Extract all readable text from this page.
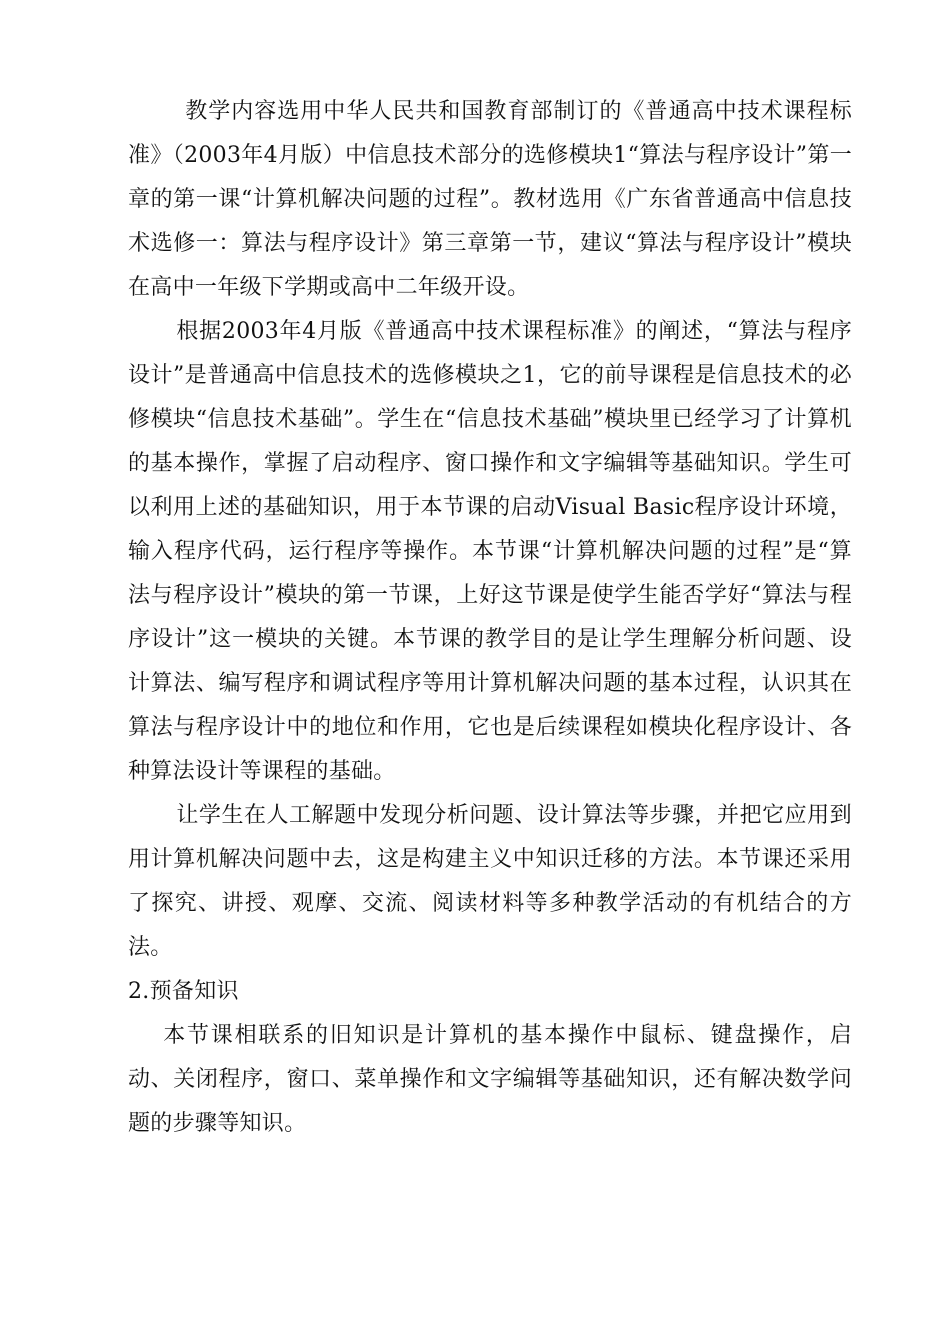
教学内容选用中华人民共和国教育部制订的《普通高中技术课程标准》（2003年4月版）中信息技术部分的选修模块1“算法与程序设计”第一章的第一课“计算机解决问题的过程”。教材选用《广东省普通高中信息技术选修一：算法与程序设计》第三章第一节，建议“算法与程序设计”模块在高中一年级下学期或高中二年级开设。

根据2003年4月版《普通高中技术课程标准》的阐述，“算法与程序设计”是普通高中信息技术的选修模块之1，它的前导课程是信息技术的必修模块“信息技术基础”。学生在“信息技术基础”模块里已经学习了计算机的基本操作，掌握了启动程序、窗口操作和文字编辑等基础知识。学生可以利用上述的基础知识，用于本节课的启动Visual Basic程序设计环境，输入程序代码，运行程序等操作。本节课“计算机解决问题的过程”是“算法与程序设计”模块的第一节课，上好这节课是使学生能否学好“算法与程序设计”这一模块的关键。本节课的教学目的是让学生理解分析问题、设计算法、编写程序和调试程序等用计算机解决问题的基本过程，认识其在算法与程序设计中的地位和作用，它也是后续课程如模块化程序设计、各种算法设计等课程的基础。

让学生在人工解题中发现分析问题、设计算法等步骤，并把它应用到用计算机解决问题中去，这是构建主义中知识迁移的方法。本节课还采用了探究、讲授、观摩、交流、阅读材料等多种教学活动的有机结合的方法。

2.预备知识

本节课相联系的旧知识是计算机的基本操作中鼠标、键盘操作，启动、关闭程序，窗口、菜单操作和文字编辑等基础知识，还有解决数学问题的步骤等知识。
